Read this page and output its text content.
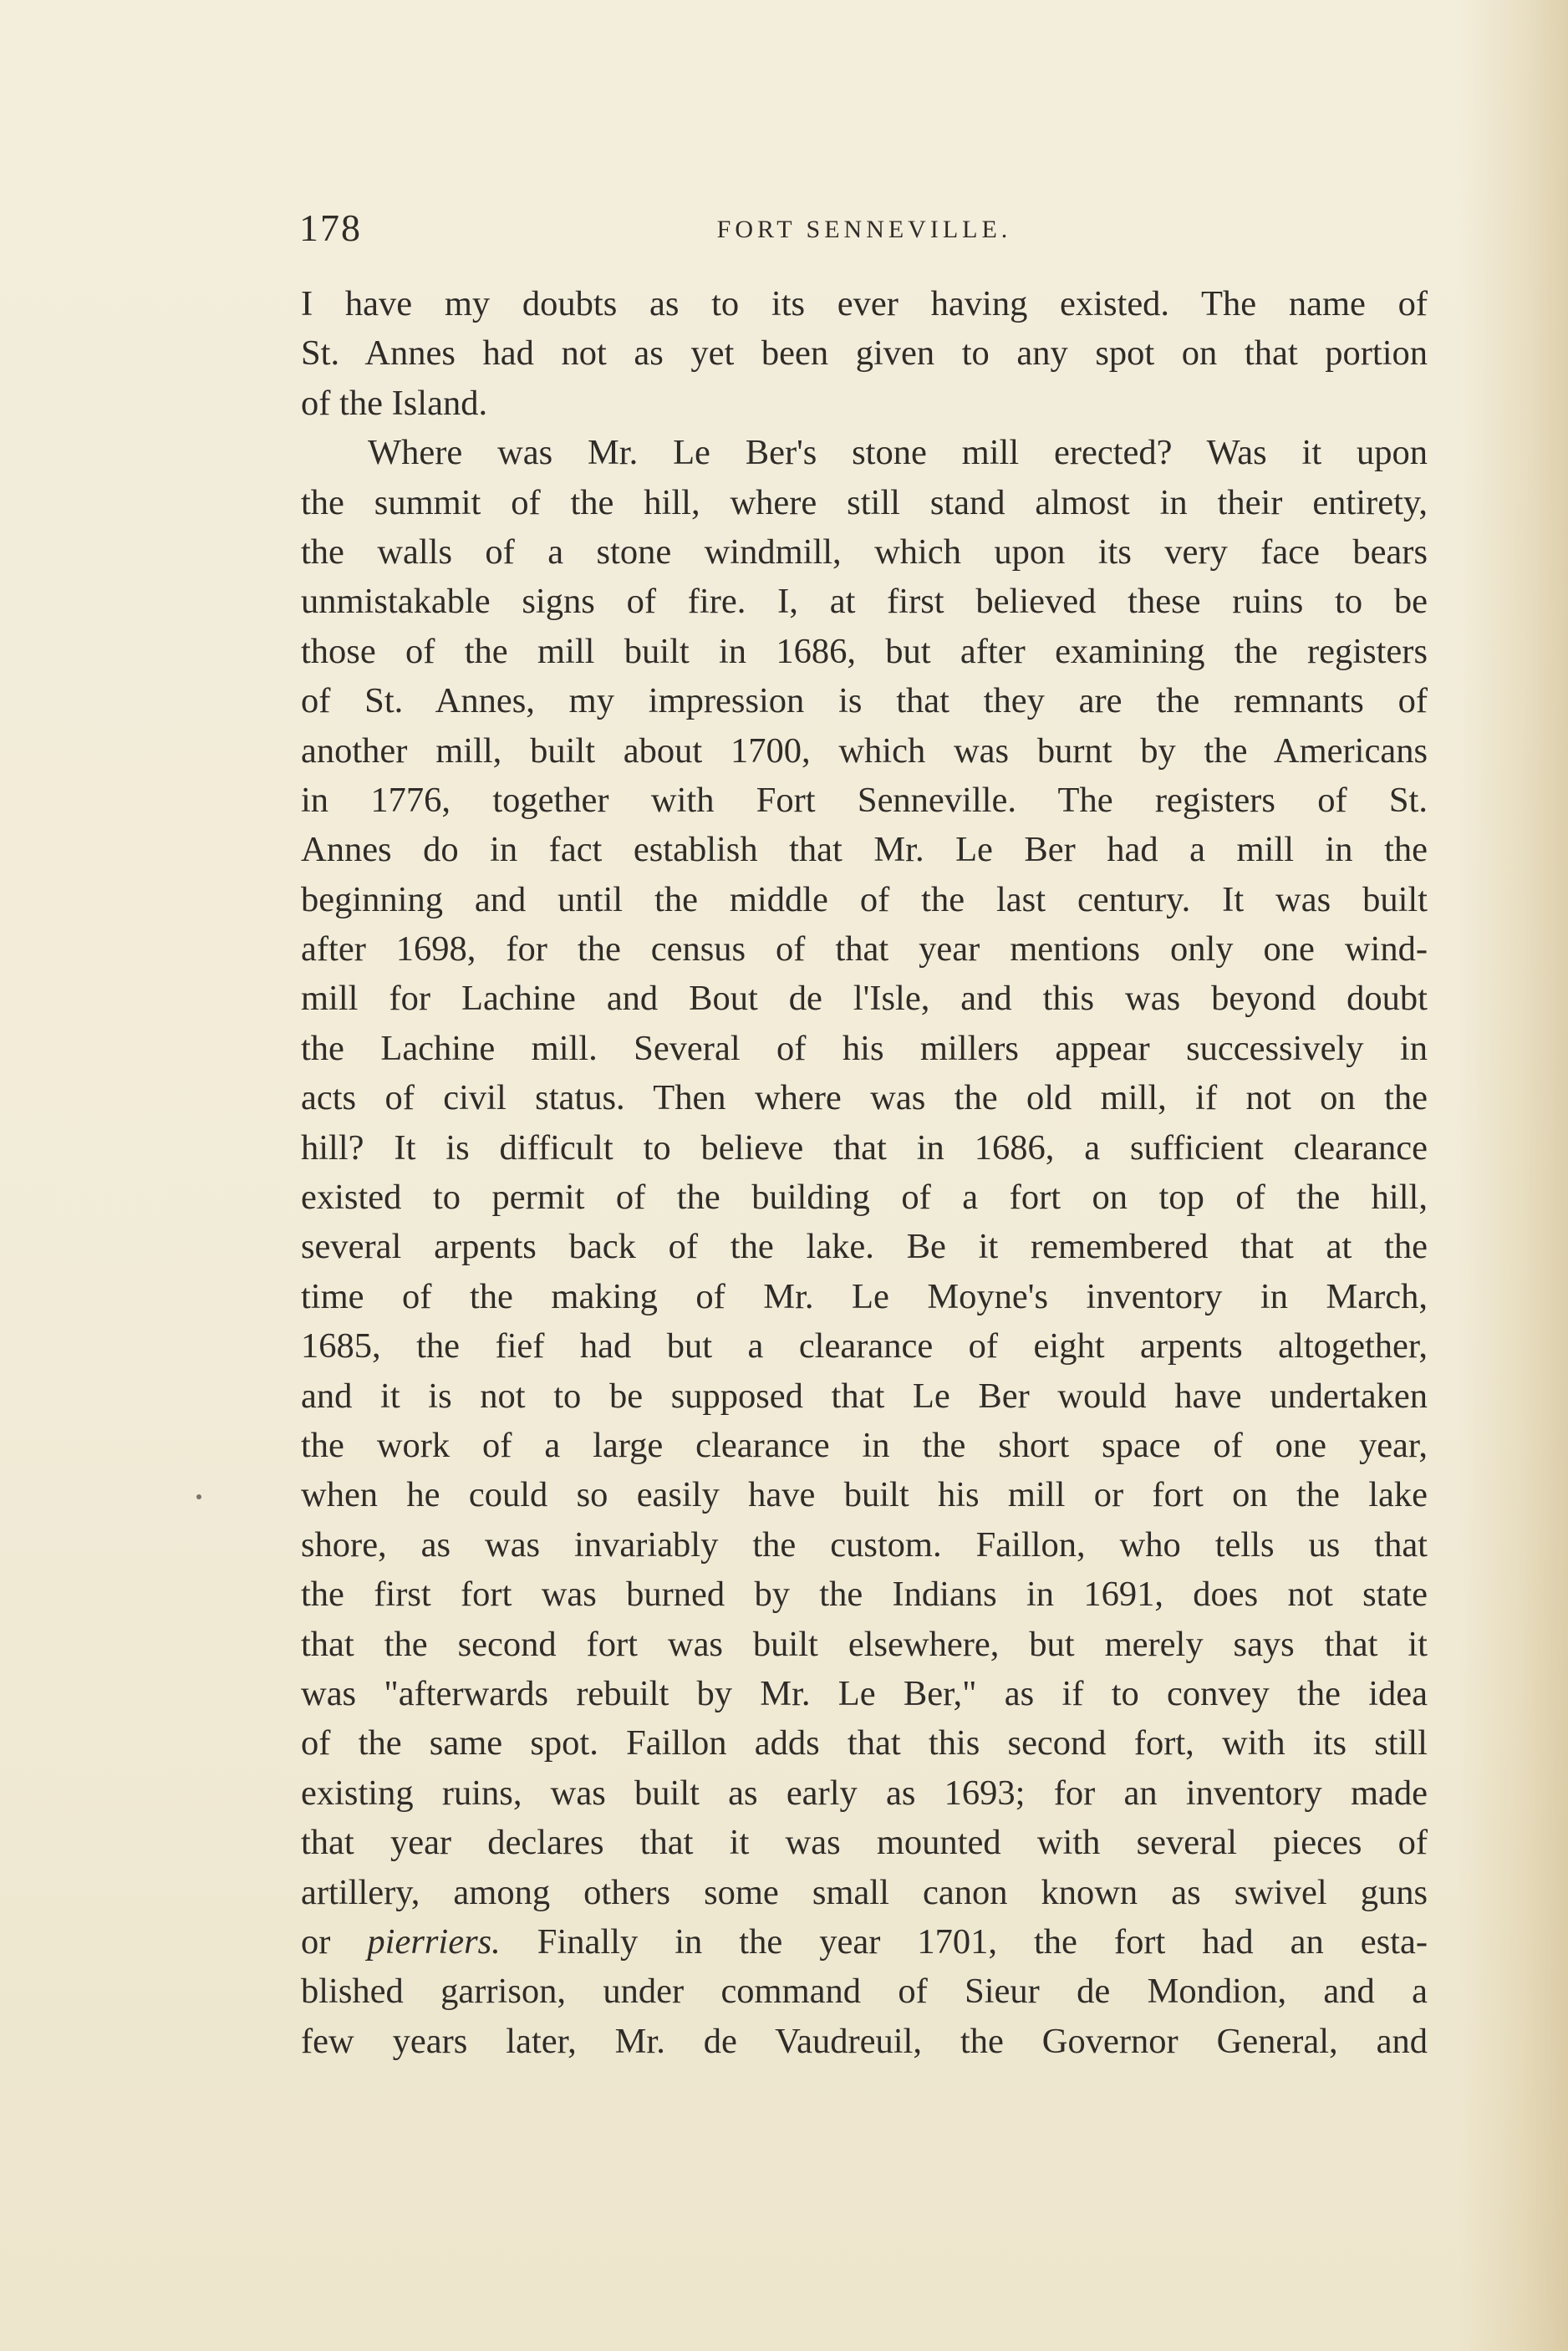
178	FORT SENNEVILLE.
I have my doubts as to its ever having existed. The name of
St. Annes had not as yet been given to any spot on that portion
of the Island.
Where was Mr. Le Ber's stone mill erected? Was it upon
the summit of the hill, where still stand almost in their entirety,
the walls of a stone windmill, which upon its very face bears
unmistakable signs of fire. I, at first believed these ruins to be
those of the mill built in 1686, but after examining the registers
of St. Annes, my impression is that they are the remnants of
another mill, built about 1700, which was burnt by the Americans
in 1776, together with Fort Senneville. The registers of St.
Annes do in fact establish that Mr. Le Ber had a mill in the
beginning and until the middle of the last century. It was built
after 1698, for the census of that year mentions only one wind-
mill for Lachine and Bout de l'Isle, and this was beyond doubt
the Lachine mill. Several of his millers appear successively in
acts of civil status. Then where was the old mill, if not on the
hill? It is difficult to believe that in 1686, a sufficient clearance
existed to permit of the building of a fort on top of the hill,
several arpents back of the lake. Be it remembered that at the
time of the making of Mr. Le Moyne's inventory in March,
1685, the fief had but a clearance of eight arpents altogether,
and it is not to be supposed that Le Ber would have undertaken
the work of a large clearance in the short space of one year,
when he could so easily have built his mill or fort on the lake
shore, as was invariably the custom. Faillon, who tells us that
the first fort was burned by the Indians in 1691, does not state
that the second fort was built elsewhere, but merely says that it
was "afterwards rebuilt by Mr. Le Ber," as if to convey the idea
of the same spot. Faillon adds that this second fort, with its still
existing ruins, was built as early as 1693; for an inventory made
that year declares that it was mounted with several pieces of
artillery, among others some small canon known as swivel guns
or pierriers. Finally in the year 1701, the fort had an esta-
blished garrison, under command of Sieur de Mondion, and a
few years later, Mr. de Vaudreuil, the Governor General, and
